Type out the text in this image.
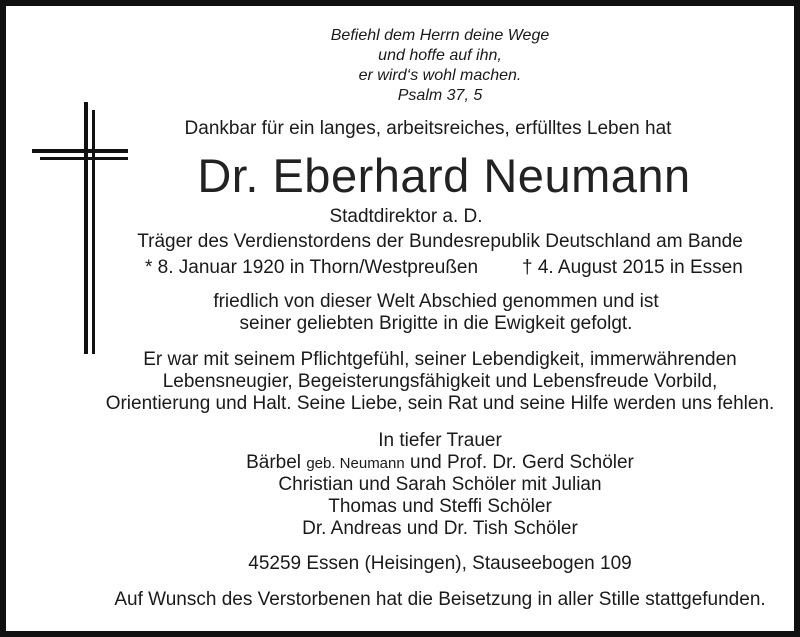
Befiehl dem Herrn deine Wege
und hoffe auf ihn,
er wird‘s wohl machen.
Psalm 37, 5
Dankbar für ein langes, arbeitsreiches, erfülltes Leben hat
Dr. Eberhard Neumann
Stadtdirektor a. D.
Träger des Verdienstordens der Bundesrepublik Deutschland am Bande
* 8. Januar 1920 in Thorn/Westpreußen † 4. August 2015 in Essen
friedlich von dieser Welt Abschied genommen und ist
seiner geliebten Brigitte in die Ewigkeit gefolgt.
Er war mit seinem Pflichtgefühl, seiner Lebendigkeit, immerwährenden
Lebensneugier, Begeisterungsfähigkeit und Lebensfreude Vorbild,
Orientierung und Halt. Seine Liebe, sein Rat und seine Hilfe werden uns fehlen.
In tiefer Trauer
Bärbel geb. Neumann und Prof. Dr. Gerd Schöler
Christian und Sarah Schöler mit Julian
Thomas und Steffi Schöler
Dr. Andreas und Dr. Tish Schöler
45259 Essen (Heisingen), Stauseebogen 109
Auf Wunsch des Verstorbenen hat die Beisetzung in aller Stille stattgefunden.
